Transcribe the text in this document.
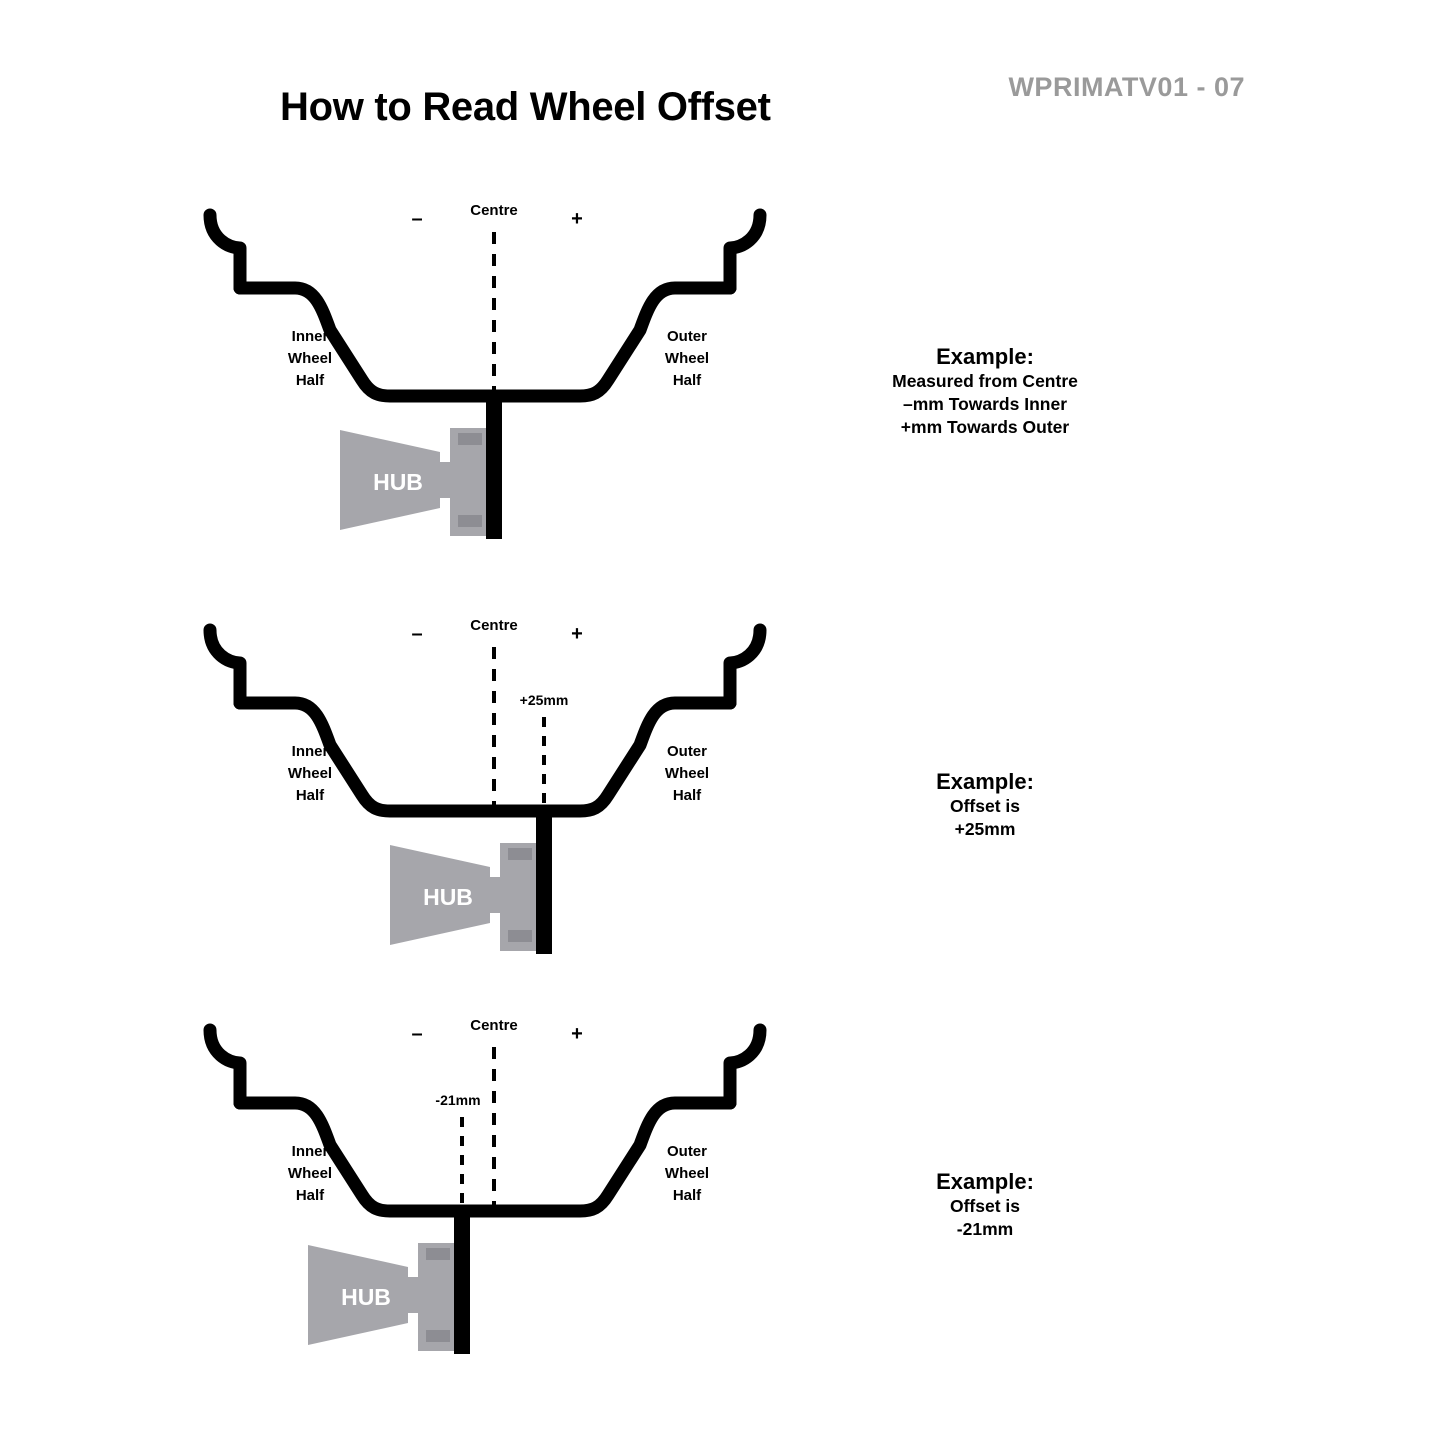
How to Read Wheel Offset	WPRIMATV01 - 07
Centre
–	+
Inner
Wheel
Half
Outer
Wheel
Half
HUB
Example:
Measured from Centre
–mm Towards Inner
+mm Towards Outer
Centre
–	+
+25mm
Inner
Wheel
Half
Outer
Wheel
Half
HUB
Example:
Offset is
+25mm
Centre
–	+
-21mm
Inner
Wheel
Half
Outer
Wheel
Half
HUB
Example:
Offset is
-21mm
